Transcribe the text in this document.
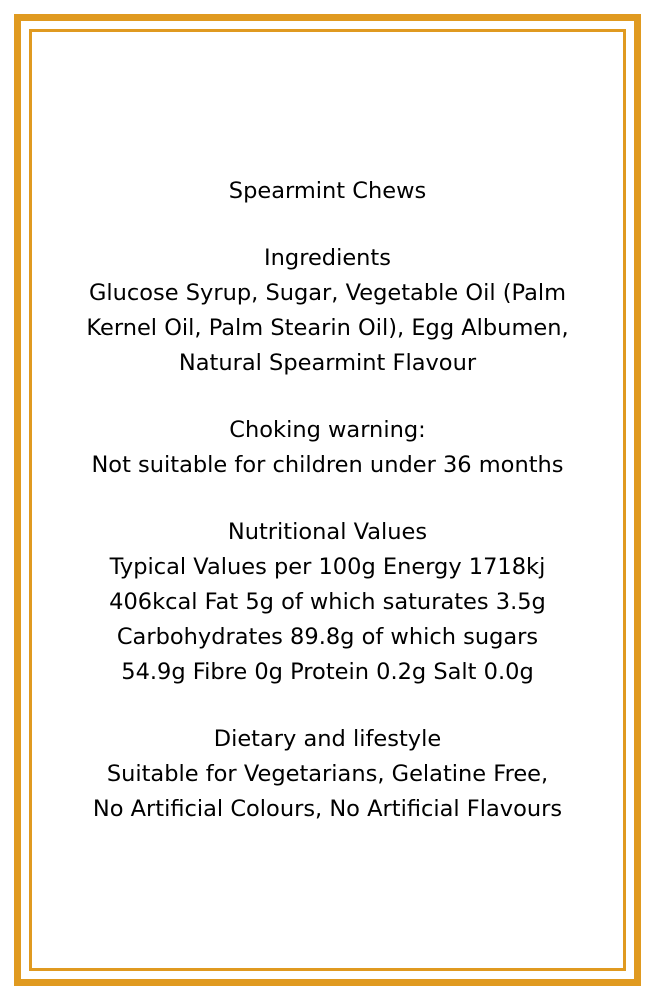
Spearmint Chews
Ingredients
Glucose Syrup, Sugar, Vegetable Oil (Palm
Kernel Oil, Palm Stearin Oil), Egg Albumen,
Natural Spearmint Flavour
Choking warning:
Not suitable for children under 36 months
Nutritional Values
Typical Values per 100g Energy 1718kj
406kcal Fat 5g of which saturates 3.5g
Carbohydrates 89.8g of which sugars
54.9g Fibre 0g Protein 0.2g Salt 0.0g
Dietary and lifestyle
Suitable for Vegetarians, Gelatine Free,
No Artificial Colours, No Artificial Flavours
